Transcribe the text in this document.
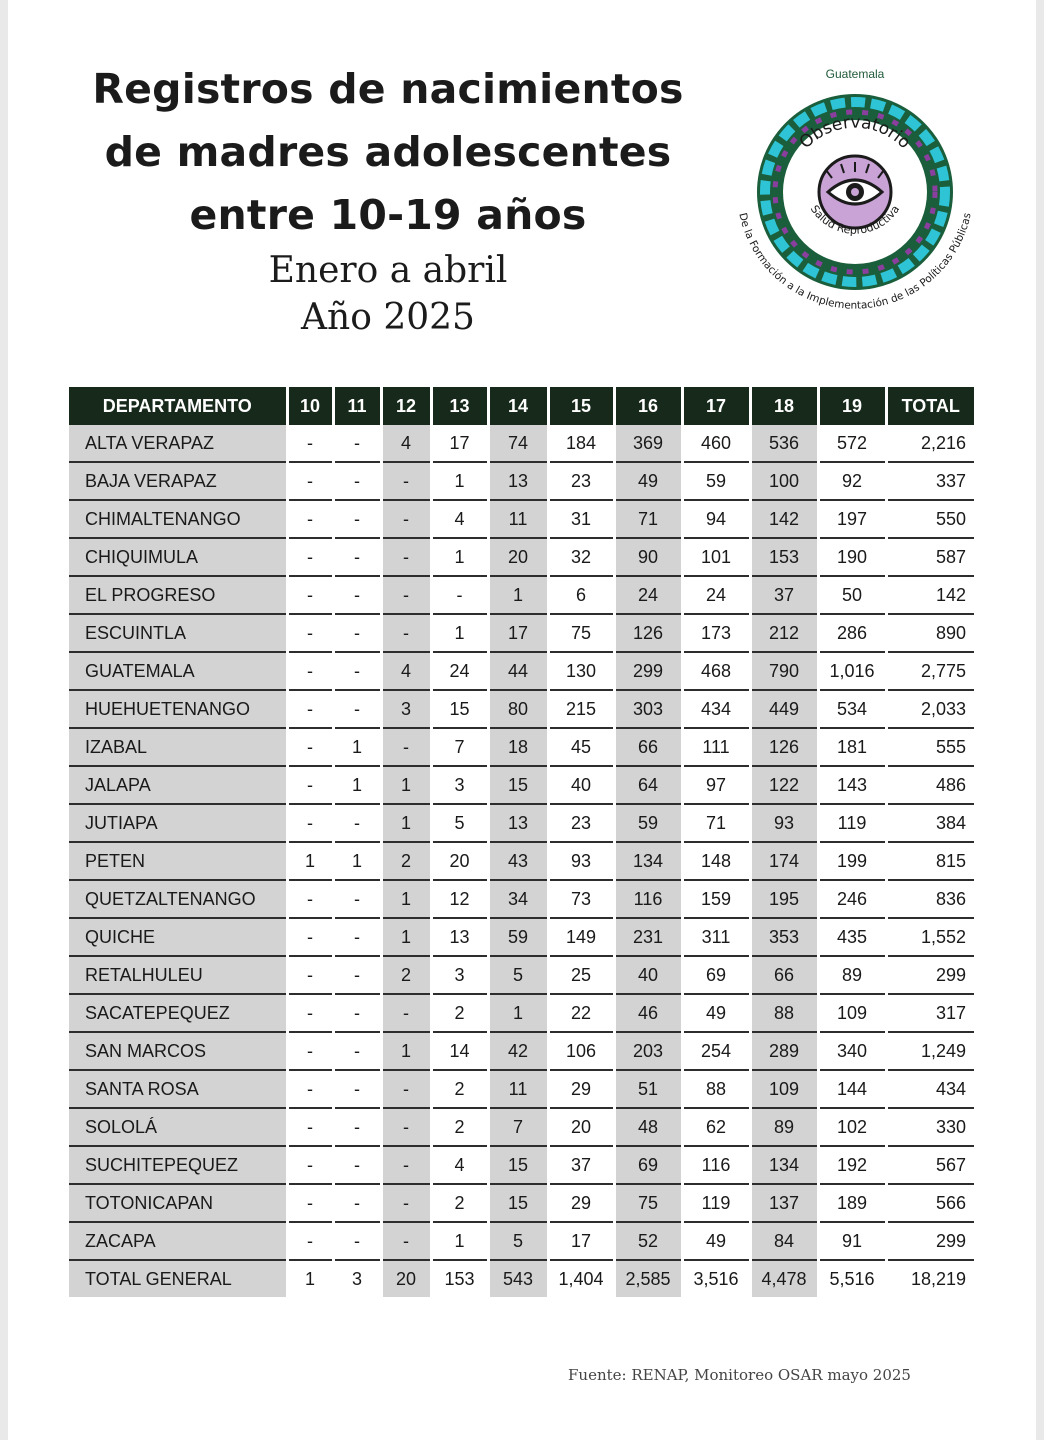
Registros de nacimientos
de madres adolescentes
entre 10-19 años
Enero a abril
Año 2025
Guatemala
Observatorio
Salud Reproductiva
De la Formación a la Implementación de las Políticas Públicas
DEPARTAMENTO	10	11	12	13	14	15	16	17	18	19	TOTAL
ALTA VERAPAZ	-	-	4	17	74	184	369	460	536	572	2,216
BAJA VERAPAZ	-	-	-	1	13	23	49	59	100	92	337
CHIMALTENANGO	-	-	-	4	11	31	71	94	142	197	550
CHIQUIMULA	-	-	-	1	20	32	90	101	153	190	587
EL PROGRESO	-	-	-	-	1	6	24	24	37	50	142
ESCUINTLA	-	-	-	1	17	75	126	173	212	286	890
GUATEMALA	-	-	4	24	44	130	299	468	790	1,016	2,775
HUEHUETENANGO	-	-	3	15	80	215	303	434	449	534	2,033
IZABAL	-	1	-	7	18	45	66	111	126	181	555
JALAPA	-	1	1	3	15	40	64	97	122	143	486
JUTIAPA	-	-	1	5	13	23	59	71	93	119	384
PETEN	1	1	2	20	43	93	134	148	174	199	815
QUETZALTENANGO	-	-	1	12	34	73	116	159	195	246	836
QUICHE	-	-	1	13	59	149	231	311	353	435	1,552
RETALHULEU	-	-	2	3	5	25	40	69	66	89	299
SACATEPEQUEZ	-	-	-	2	1	22	46	49	88	109	317
SAN MARCOS	-	-	1	14	42	106	203	254	289	340	1,249
SANTA ROSA	-	-	-	2	11	29	51	88	109	144	434
SOLOLÁ	-	-	-	2	7	20	48	62	89	102	330
SUCHITEPEQUEZ	-	-	-	4	15	37	69	116	134	192	567
TOTONICAPAN	-	-	-	2	15	29	75	119	137	189	566
ZACAPA	-	-	-	1	5	17	52	49	84	91	299
TOTAL GENERAL	1	3	20	153	543	1,404	2,585	3,516	4,478	5,516	18,219
Fuente: RENAP, Monitoreo OSAR mayo 2025
